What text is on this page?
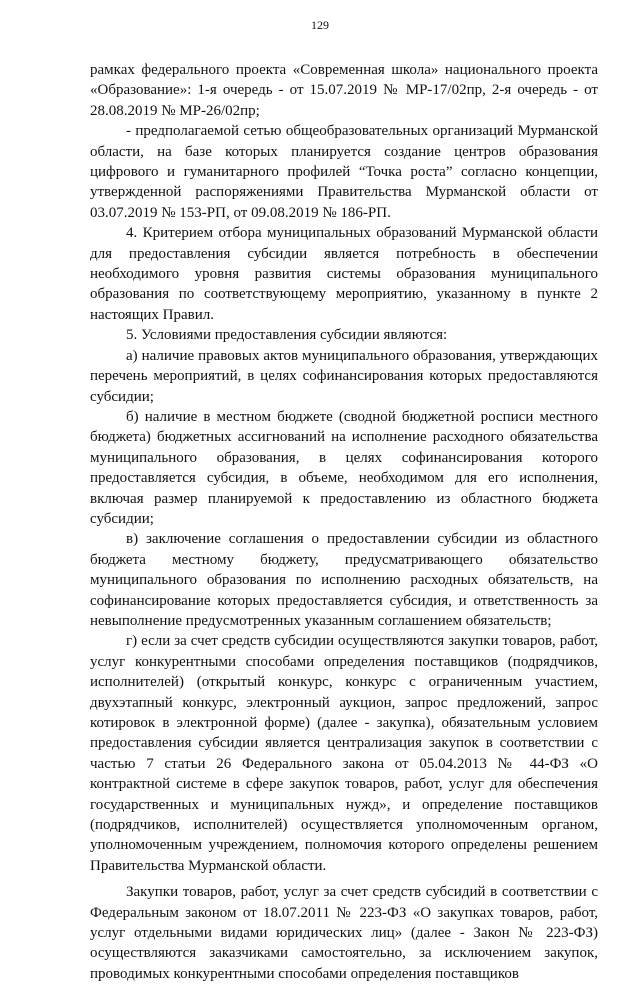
129

рамках федерального проекта «Современная школа» национального проекта «Образование»: 1-я очередь - от 15.07.2019 № МР-17/02пр, 2-я очередь - от 28.08.2019 № МР-26/02пр;

- предполагаемой сетью общеобразовательных организаций Мурманской области, на базе которых планируется создание центров образования цифрового и гуманитарного профилей “Точка роста” согласно концепции, утвержденной распоряжениями Правительства Мурманской области от 03.07.2019 № 153-РП, от 09.08.2019 № 186-РП.

4. Критерием отбора муниципальных образований Мурманской области для предоставления субсидии является потребность в обеспечении необходимого уровня развития системы образования муниципального образования по соответствующему мероприятию, указанному в пункте 2 настоящих Правил.

5. Условиями предоставления субсидии являются:

а) наличие правовых актов муниципального образования, утверждающих перечень мероприятий, в целях софинансирования которых предоставляются субсидии;

б) наличие в местном бюджете (сводной бюджетной росписи местного бюджета) бюджетных ассигнований на исполнение расходного обязательства муниципального образования, в целях софинансирования которого предоставляется субсидия, в объеме, необходимом для его исполнения, включая размер планируемой к предоставлению из областного бюджета субсидии;

в) заключение соглашения о предоставлении субсидии из областного бюджета местному бюджету, предусматривающего обязательство муниципального образования по исполнению расходных обязательств, на софинансирование которых предоставляется субсидия, и ответственность за невыполнение предусмотренных указанным соглашением обязательств;

г) если за счет средств субсидии осуществляются закупки товаров, работ, услуг конкурентными способами определения поставщиков (подрядчиков, исполнителей) (открытый конкурс, конкурс с ограниченным участием, двухэтапный конкурс, электронный аукцион, запрос предложений, запрос котировок в электронной форме) (далее - закупка), обязательным условием предоставления субсидии является централизация закупок в соответствии с частью 7 статьи 26 Федерального закона от 05.04.2013 № 44-ФЗ «О контрактной системе в сфере закупок товаров, работ, услуг для обеспечения государственных и муниципальных нужд», и определение поставщиков (подрядчиков, исполнителей) осуществляется уполномоченным органом, уполномоченным учреждением, полномочия которого определены решением Правительства Мурманской области.

Закупки товаров, работ, услуг за счет средств субсидий в соответствии с Федеральным законом от 18.07.2011 № 223-ФЗ «О закупках товаров, работ, услуг отдельными видами юридических лиц» (далее - Закон № 223-ФЗ) осуществляются заказчиками самостоятельно, за исключением закупок, проводимых конкурентными способами определения поставщиков
